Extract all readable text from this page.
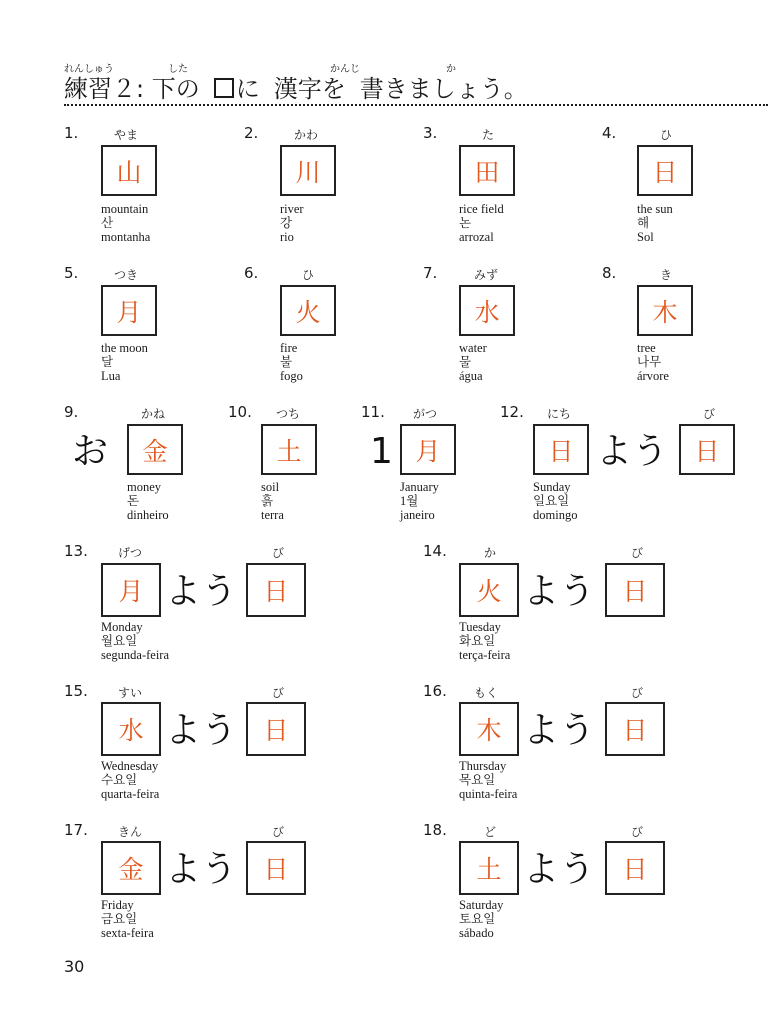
れんしゅう	した	かんじ	か
練習２: 下の に 漢字を 書きましょう。
1.	やま
山
mountain
산
montanha
2.	かわ
川
river
강
rio
3.	た
田
rice field
논
arrozal
4.	ひ
日
the sun
해
Sol
5.	つき
月
the moon
달
Lua
6.	ひ
火
fire
불
fogo
7.	みず
水
water
물
água
8.	き
木
tree
나무
árvore
9.	かね
お	金
money
돈
dinheiro
10. つち
土
soil
흙
terra
11. がつ
1 月
January
1월
janeiro
12. にち	び
日 よう	日
Sunday
일요일
domingo
13.	げつ	び
月 よう	日
Monday
월요일
segunda-feira
14.	か	び
火 よう	日
Tuesday
화요일
terça-feira
15.	すい	び
水 よう	日
Wednesday
수요일
quarta-feira
16. もく	び
木 よう	日
Thursday
목요일
quinta-feira
17.	きん	び
金 よう	日
Friday
금요일
sexta-feira
18.	ど	び
土 よう	日
Saturday
토요일
sábado
30
